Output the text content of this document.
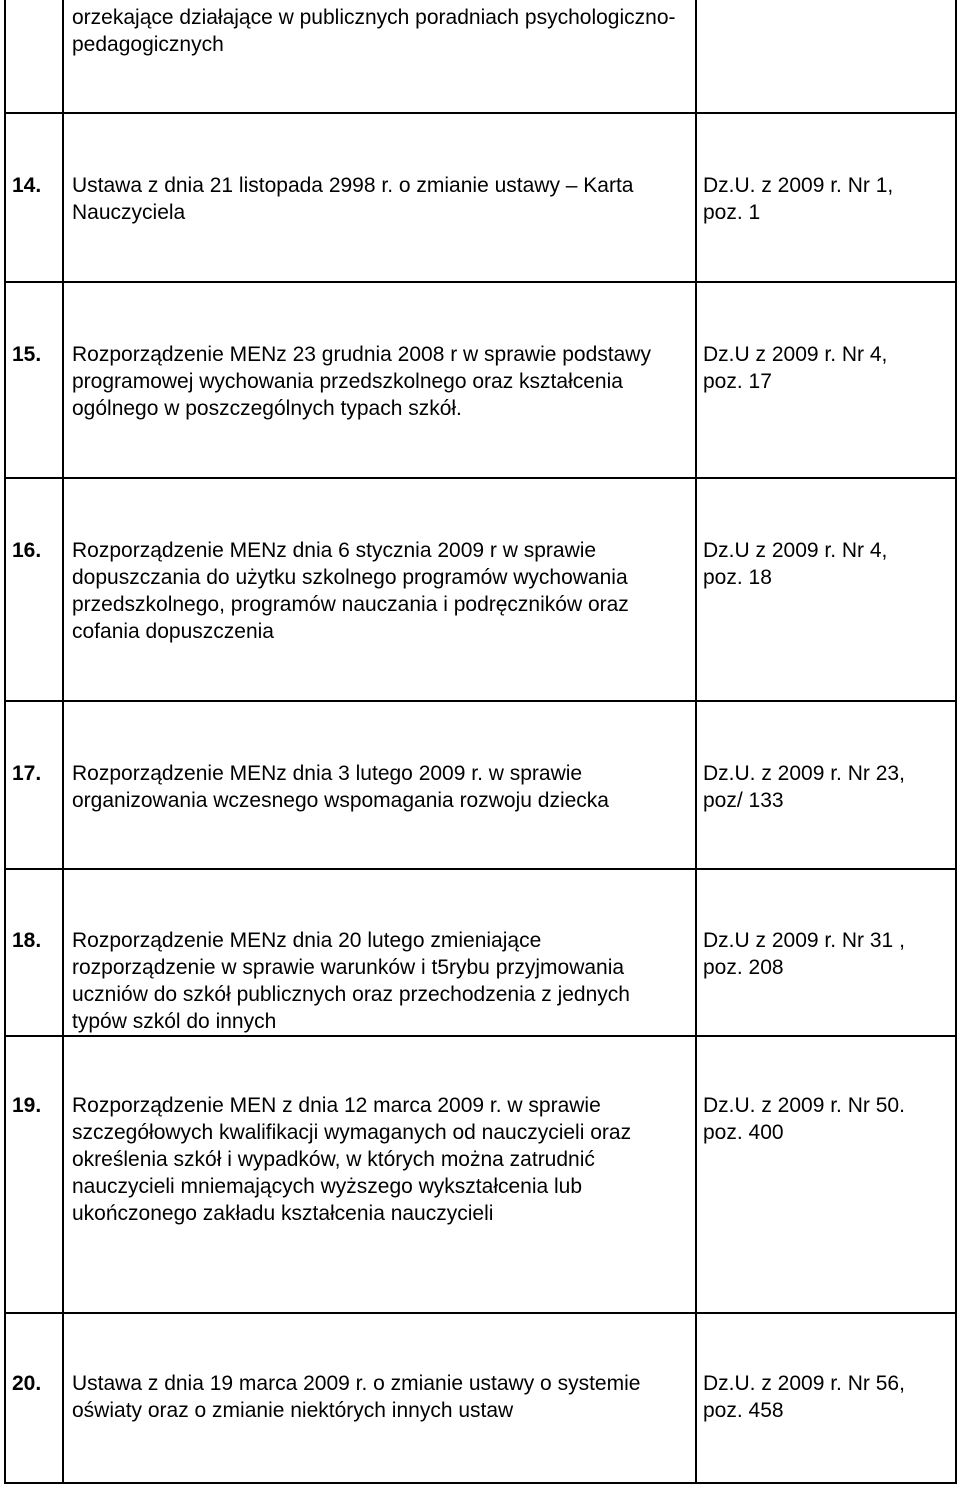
	orzekające działające w publicznych poradniach psychologiczno- pedagogicznych	

14.	Ustawa z dnia 21 listopada 2998 r. o zmianie ustawy – Karta Nauczyciela	Dz.U. z 2009 r. Nr 1,
poz. 1

15.	Rozporządzenie MENz 23 grudnia 2008 r w sprawie podstawy programowej wychowania przedszkolnego oraz kształcenia ogólnego w poszczególnych typach szkół.	Dz.U z 2009 r. Nr 4,
poz. 17

16.	Rozporządzenie MENz dnia 6 stycznia 2009 r w sprawie dopuszczania do użytku szkolnego programów wychowania przedszkolnego, programów nauczania i podręczników oraz cofania dopuszczenia	Dz.U z 2009 r. Nr 4,
poz. 18

17.	Rozporządzenie MENz dnia 3 lutego 2009 r. w sprawie organizowania wczesnego wspomagania rozwoju dziecka	Dz.U. z 2009 r. Nr 23,
poz/ 133

18.	Rozporządzenie MENz dnia 20 lutego zmieniające rozporządzenie w sprawie warunków i t5rybu przyjmowania uczniów do szkół publicznych oraz przechodzenia z jednych typów szkól do innych	Dz.U z 2009 r. Nr 31 ,
poz. 208

19.	Rozporządzenie MEN z dnia 12 marca 2009 r. w sprawie szczegółowych kwalifikacji wymaganych od nauczycieli oraz określenia szkół i wypadków, w których można zatrudnić nauczycieli mniemających wyższego wykształcenia lub ukończonego zakładu kształcenia nauczycieli	Dz.U. z 2009 r. Nr 50.
poz. 400

20.	Ustawa z dnia 19 marca 2009 r. o zmianie ustawy o systemie oświaty oraz o zmianie niektórych innych ustaw	Dz.U. z 2009 r. Nr 56,
poz. 458
